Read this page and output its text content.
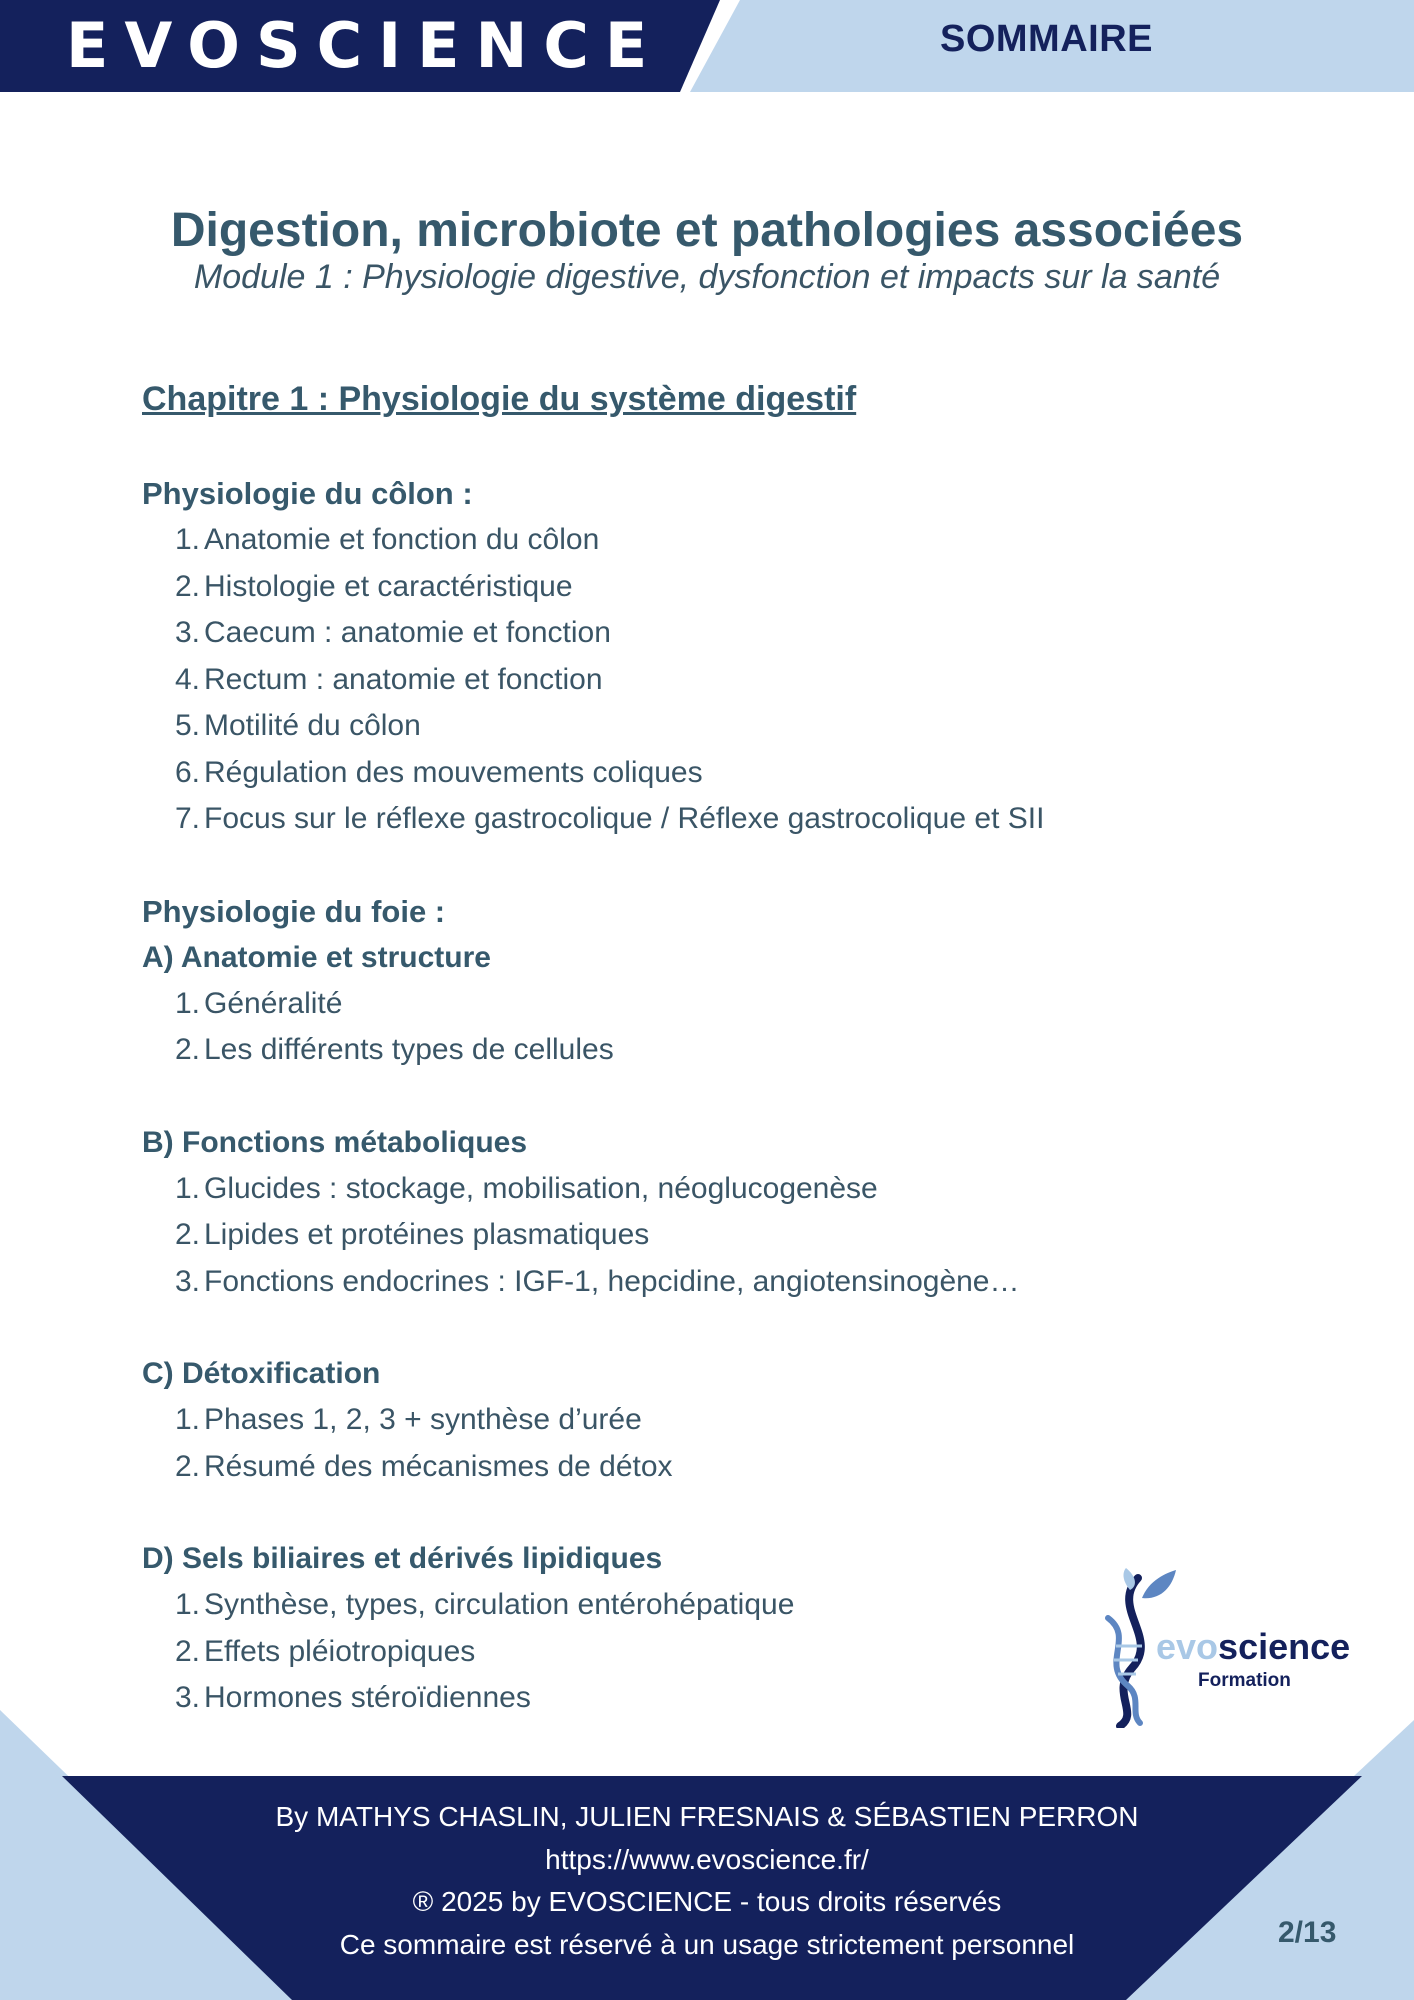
EVOSCIENCE	SOMMAIRE
Digestion, microbiote et pathologies associées
Module 1 : Physiologie digestive, dysfonction et impacts sur la santé

Chapitre 1 : Physiologie du système digestif

Physiologie du côlon :

1. Anatomie et fonction du côlon
2. Histologie et caractéristique
3. Caecum : anatomie et fonction
4. Rectum : anatomie et fonction
5. Motilité du côlon
6. Régulation des mouvements coliques
7. Focus sur le réflexe gastrocolique / Réflexe gastrocolique et SII

Physiologie du foie :

A) Anatomie et structure

1. Généralité
2. Les différents types de cellules

B) Fonctions métaboliques

1. Glucides : stockage, mobilisation, néoglucogenèse
2. Lipides et protéines plasmatiques
3. Fonctions endocrines : IGF-1, hepcidine, angiotensinogène…

C) Détoxification

1. Phases 1, 2, 3 + synthèse d’urée
2. Résumé des mécanismes de détox

D) Sels biliaires et dérivés lipidiques

1. Synthèse, types, circulation entérohépatique
2. Effets pléiotropiques
3. Hormones stéroïdiennes
evoscience
Formation
By MATHYS CHASLIN, JULIEN FRESNAIS & SÉBASTIEN PERRON
https://www.evoscience.fr/
® 2025 by EVOSCIENCE - tous droits réservés
Ce sommaire est réservé à un usage strictement personnel	2/13
